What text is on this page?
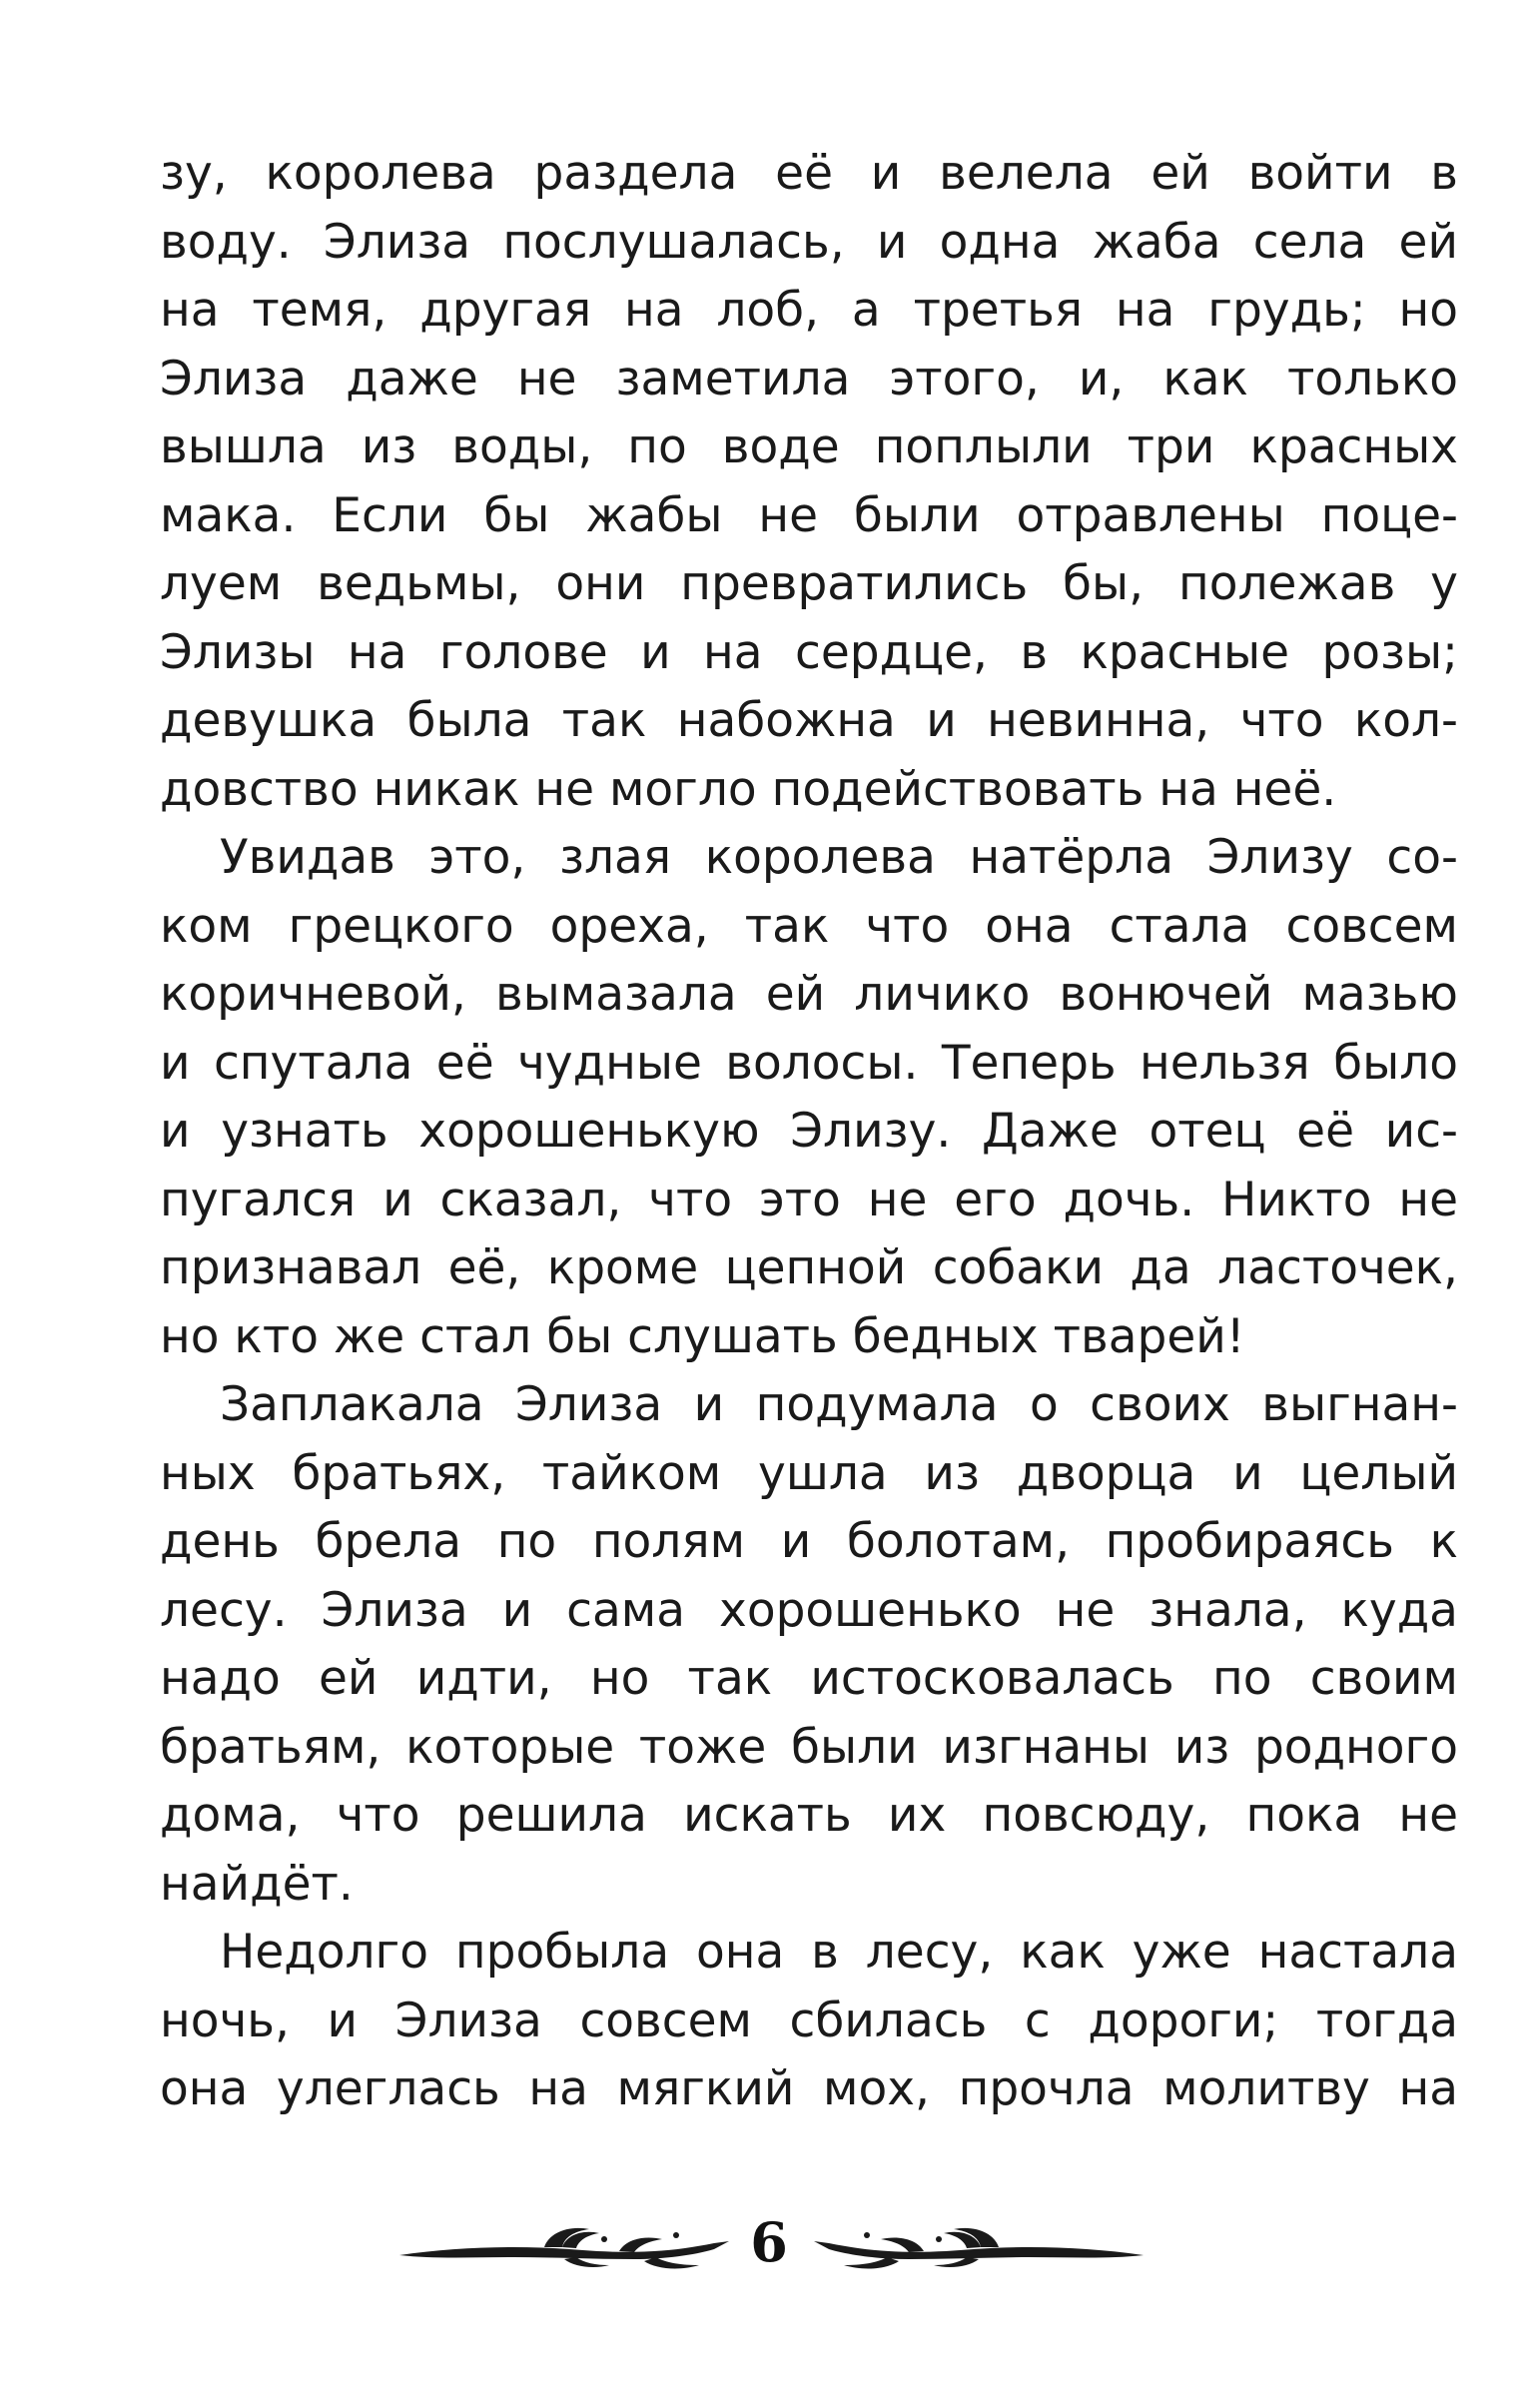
зу, королева раздела её и велела ей войти в
воду. Элиза послушалась, и одна жаба села ей
на темя, другая на лоб, а третья на грудь; но
Элиза даже не заметила этого, и, как только
вышла из воды, по воде поплыли три красных
мака. Если бы жабы не были отравлены поце-
луем ведьмы, они превратились бы, полежав у
Элизы на голове и на сердце, в красные розы;
девушка была так набожна и невинна, что кол-
довство никак не могло подействовать на неё.
Увидав это, злая королева натёрла Элизу со-
ком грецкого ореха, так что она стала совсем
коричневой, вымазала ей личико вонючей мазью
и спутала её чудные волосы. Теперь нельзя было
и узнать хорошенькую Элизу. Даже отец её ис-
пугался и сказал, что это не его дочь. Никто не
признавал её, кроме цепной собаки да ласточек,
но кто же стал бы слушать бедных тварей!
Заплакала Элиза и подумала о своих выгнан-
ных братьях, тайком ушла из дворца и целый
день брела по полям и болотам, пробираясь к
лесу. Элиза и сама хорошенько не знала, куда
надо ей идти, но так истосковалась по своим
братьям, которые тоже были изгнаны из родного
дома, что решила искать их повсюду, пока не
найдёт.
Недолго пробыла она в лесу, как уже настала
ночь, и Элиза совсем сбилась с дороги; тогда
она улеглась на мягкий мох, прочла молитву на
6
